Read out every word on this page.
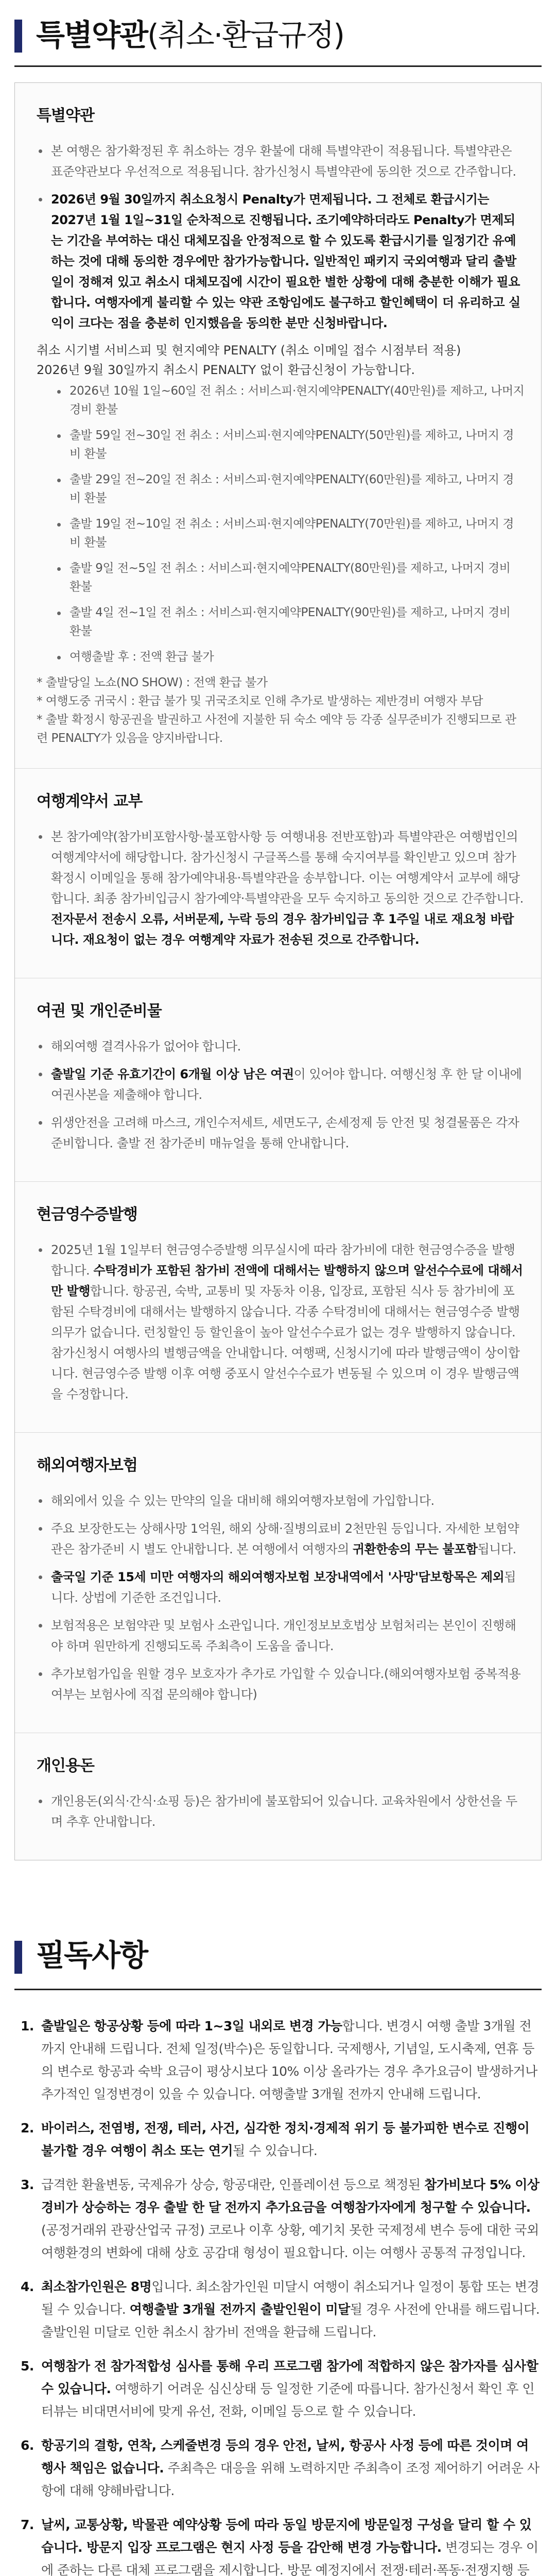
특별약관(취소·환급규정)
특별약관
본 여행은 참가확정된 후 취소하는 경우 환불에 대해 특별약관이 적용됩니다. 특별약관은 표준약관보다 우선적으로 적용됩니다. 참가신청시 특별약관에 동의한 것으로 간주합니다.
2026년 9월 30일까지 취소요청시 Penalty가 면제됩니다. 그 전체로 환급시기는 2027년 1월 1일~31일 순차적으로 진행됩니다. 조기예약하더라도 Penalty가 면제되는 기간을 부여하는 대신 대체모집을 안정적으로 할 수 있도록 환급시기를 일정기간 유예하는 것에 대해 동의한 경우에만 참가가능합니다. 일반적인 패키지 국외여행과 달리 출발일이 정해져 있고 취소시 대체모집에 시간이 필요한 별한 상황에 대해 충분한 이해가 필요합니다. 여행자에게 불리할 수 있는 약관 조항임에도 불구하고 할인혜택이 더 유리하고 실익이 크다는 점을 충분히 인지했음을 동의한 분만 신청바랍니다.
취소 시기별 서비스피 및 현지예약 PENALTY (취소 이메일 접수 시점부터 적용)
2026년 9월 30일까지 취소시 PENALTY 없이 환급신청이 가능합니다.
2026년 10월 1일~60일 전 취소 : 서비스피·현지예약PENALTY(40만원)를 제하고, 나머지 경비 환불
출발 59일 전~30일 전 취소 : 서비스피·현지예약PENALTY(50만원)를 제하고, 나머지 경비 환불
출발 29일 전~20일 전 취소 : 서비스피·현지예약PENALTY(60만원)를 제하고, 나머지 경비 환불
출발 19일 전~10일 전 취소 : 서비스피·현지예약PENALTY(70만원)를 제하고, 나머지 경비 환불
출발 9일 전~5일 전 취소 : 서비스피·현지예약PENALTY(80만원)를 제하고, 나머지 경비 환불
출발 4일 전~1일 전 취소 : 서비스피·현지예약PENALTY(90만원)를 제하고, 나머지 경비 환불
여행출발 후 : 전액 환급 불가
* 출발당일 노쇼(NO SHOW) : 전액 환급 불가
* 여행도중 귀국시 : 환급 불가 및 귀국조치로 인해 추가로 발생하는 제반경비 여행자 부담
* 출발 확정시 항공권을 발권하고 사전에 지불한 뒤 숙소 예약 등 각종 실무준비가 진행되므로 관련 PENALTY가 있음을 양지바랍니다.
여행계약서 교부
본 참가예약(참가비포함사항·불포함사항 등 여행내용 전반포함)과 특별약관은 여행법인의 여행계약서에 해당합니다. 참가신청시 구글폭스를 통해 숙지여부를 확인받고 있으며 참가확정시 이메일을 통해 참가예약내용·특별약관을 송부합니다. 이는 여행계약서 교부에 해당합니다. 최종 참가비입금시 참가예약·특별약관을 모두 숙지하고 동의한 것으로 간주합니다. 전자문서 전송시 오류, 서버문제, 누락 등의 경우 참가비입금 후 1주일 내로 재요청 바랍니다. 재요청이 없는 경우 여행계약 자료가 전송된 것으로 간주합니다.
여권 및 개인준비물
해외여행 결격사유가 없어야 합니다.
출발일 기준 유효기간이 6개월 이상 남은 여권이 있어야 합니다. 여행신청 후 한 달 이내에 여권사본을 제출해야 합니다.
위생안전을 고려해 마스크, 개인수저세트, 세면도구, 손세정제 등 안전 및 청결물품은 각자 준비합니다. 출발 전 참가준비 매뉴얼을 통해 안내합니다.
현금영수증발행
2025년 1월 1일부터 현금영수증발행 의무실시에 따라 참가비에 대한 현금영수증을 발행합니다. 수탁경비가 포함된 참가비 전액에 대해서는 발행하지 않으며 알선수수료에 대해서만 발행합니다. 항공권, 숙박, 교통비 및 자동차 이용, 입장료, 포함된 식사 등 참가비에 포함된 수탁경비에 대해서는 발행하지 않습니다. 각종 수탁경비에 대해서는 현금영수증 발행 의무가 없습니다. 런칭할인 등 할인율이 높아 알선수수료가 없는 경우 발행하지 않습니다. 참가신청시 여행사의 별행금액을 안내합니다. 여행팩, 신청시기에 따라 발행금액이 상이합니다. 현금영수증 발행 이후 여행 중포시 알선수수료가 변동될 수 있으며 이 경우 발행금액을 수정합니다.
해외여행자보험
해외에서 있을 수 있는 만약의 일을 대비해 해외여행자보험에 가입합니다.
주요 보장한도는 상해사망 1억원, 해외 상해·질병의료비 2천만원 등입니다. 자세한 보험약관은 참가준비 시 별도 안내합니다. 본 여행에서 여행자의 귀환한송의 무는 불포함됩니다.
출국일 기준 15세 미만 여행자의 해외여행자보험 보장내역에서 '사망'담보항목은 제외됩니다. 상법에 기준한 조건입니다.
보험적용은 보험약관 및 보험사 소관입니다. 개인정보보호법상 보험처리는 본인이 진행해야 하며 원만하게 진행되도록 주최측이 도움을 줍니다.
추가보험가입을 원할 경우 보호자가 추가로 가입할 수 있습니다.(해외여행자보험 중복적용 여부는 보험사에 직접 문의해야 합니다)
개인용돈
개인용돈(외식·간식·쇼핑 등)은 참가비에 불포함되어 있습니다. 교육차원에서 상한선을 두며 추후 안내합니다.
필독사항
1. 출발일은 항공상황 등에 따라 1~3일 내외로 변경 가능합니다. 변경시 여행 출발 3개월 전까지 안내해 드립니다. 전체 일정(박수)은 동일합니다. 국제행사, 기념일, 도시축제, 연휴 등의 변수로 항공과 숙박 요금이 평상시보다 10% 이상 올라가는 경우 추가요금이 발생하거나 추가적인 일정변경이 있을 수 있습니다. 여행출발 3개월 전까지 안내해 드립니다.
2. 바이러스, 전염병, 전쟁, 테러, 사건, 심각한 정치·경제적 위기 등 불가피한 변수로 진행이 불가할 경우 여행이 취소 또는 연기될 수 있습니다.
3. 급격한 환율변동, 국제유가 상승, 항공대란, 인플레이션 등으로 책정된 참가비보다 5% 이상 경비가 상승하는 경우 출발 한 달 전까지 추가요금을 여행참가자에게 청구할 수 있습니다. (공정거래위 관광산업국 규정) 코로나 이후 상황, 예기치 못한 국제정세 변수 등에 대한 국외여행환경의 변화에 대해 상호 공감대 형성이 필요합니다. 이는 여행사 공통적 규정입니다.
4. 최소참가인원은 8명입니다. 최소참가인원 미달시 여행이 취소되거나 일정이 통합 또는 변경될 수 있습니다. 여행출발 3개월 전까지 출발인원이 미달될 경우 사전에 안내를 해드립니다. 출발인원 미달로 인한 취소시 참가비 전액을 환급해 드립니다.
5. 여행참가 전 참가적합성 심사를 통해 우리 프로그램 참가에 적합하지 않은 참가자를 심사할 수 있습니다. 여행하기 어려운 심신상태 등 일정한 기준에 따릅니다. 참가신청서 확인 후 인터뷰는 비대면서비에 맞게 유선, 전화, 이메일 등으로 할 수 있습니다.
6. 항공기의 결항, 연착, 스케줄변경 등의 경우 안전, 날씨, 항공사 사정 등에 따른 것이며 여행사 책임은 없습니다. 주최측은 대응을 위해 노력하지만 주최측이 조정 제어하기 어려운 사항에 대해 양해바랍니다.
7. 날씨, 교통상황, 박물관 예약상황 등에 따라 동일 방문지에 방문일정 구성을 달리 할 수 있습니다. 방문지 입장 프로그램은 현지 사정 등을 감안해 변경 가능합니다. 변경되는 경우 이에 준하는 다른 대체 프로그램을 제시합니다. 방문 예정지에서 전쟁·테러·폭동·전쟁지행 등
